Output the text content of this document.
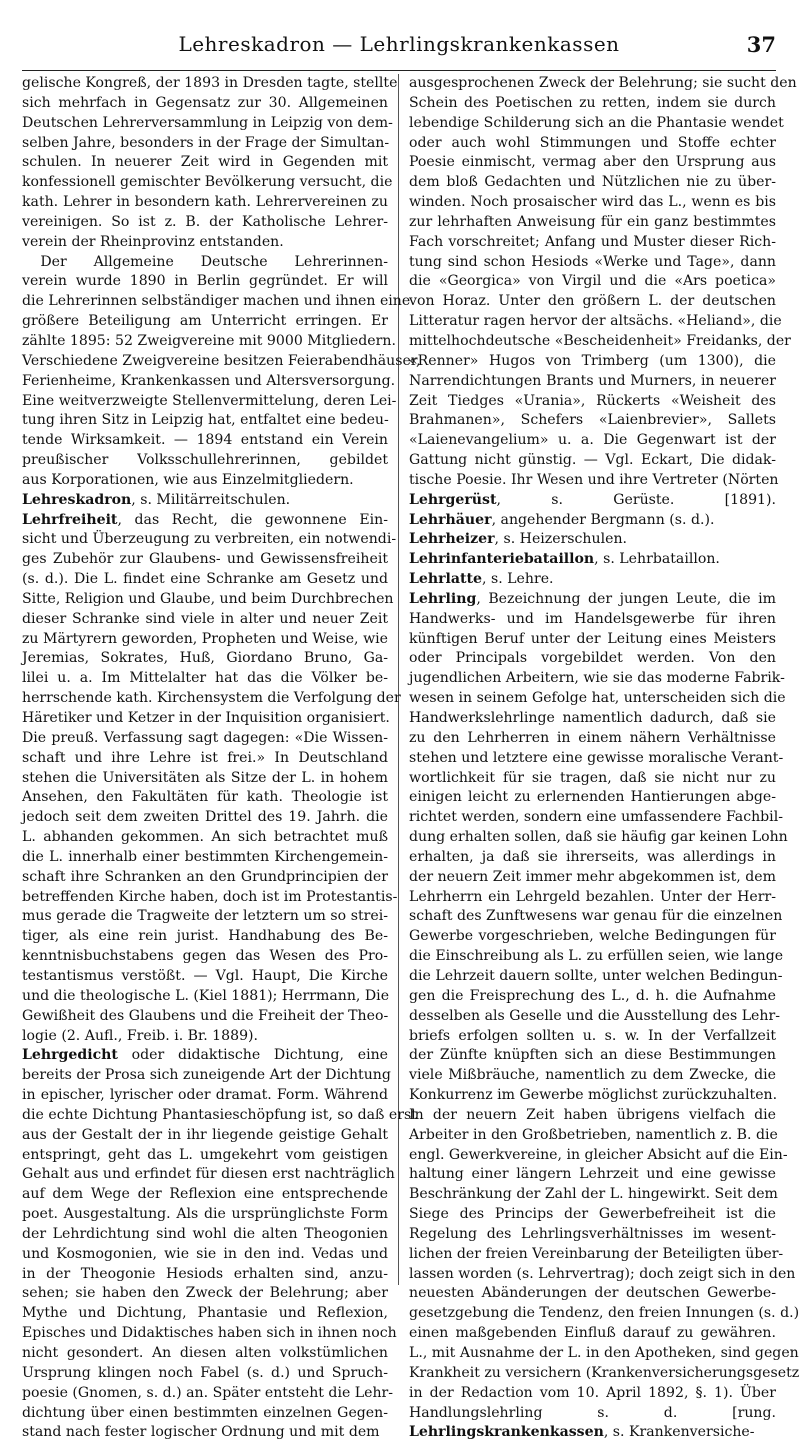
Lehreskadron — Lehrlingskrankenkassen	37
gelische Kongreß, der 1893 in Dresden tagte, stellte
sich mehrfach in Gegensatz zur 30. Allgemeinen
Deutschen Lehrerversammlung in Leipzig von dem-
selben Jahre, besonders in der Frage der Simultan-
schulen. In neuerer Zeit wird in Gegenden mit
konfessionell gemischter Bevölkerung versucht, die
kath. Lehrer in besondern kath. Lehrervereinen zu
vereinigen. So ist z. B. der Katholische Lehrer-
verein der Rheinprovinz entstanden.
Der Allgemeine Deutsche Lehrerinnen-
verein wurde 1890 in Berlin gegründet. Er will
die Lehrerinnen selbständiger machen und ihnen eine
größere Beteiligung am Unterricht erringen. Er
zählte 1895: 52 Zweigvereine mit 9000 Mitgliedern.
Verschiedene Zweigvereine besitzen Feierabendhäuser,
Ferienheime, Krankenkassen und Altersversorgung.
Eine weitverzweigte Stellenvermittelung, deren Lei-
tung ihren Sitz in Leipzig hat, entfaltet eine bedeu-
tende Wirksamkeit. — 1894 entstand ein Verein
preußischer Volksschullehrerinnen, gebildet
aus Korporationen, wie aus Einzelmitgliedern.
Lehreskadron, s. Militärreitschulen.
Lehrfreiheit, das Recht, die gewonnene Ein-
sicht und Überzeugung zu verbreiten, ein notwendi-
ges Zubehör zur Glaubens- und Gewissensfreiheit
(s. d.). Die L. findet eine Schranke am Gesetz und
Sitte, Religion und Glaube, und beim Durchbrechen
dieser Schranke sind viele in alter und neuer Zeit
zu Märtyrern geworden, Propheten und Weise, wie
Jeremias, Sokrates, Huß, Giordano Bruno, Ga-
lilei u. a. Im Mittelalter hat das die Völker be-
herrschende kath. Kirchensystem die Verfolgung der
Häretiker und Ketzer in der Inquisition organisiert.
Die preuß. Verfassung sagt dagegen: «Die Wissen-
schaft und ihre Lehre ist frei.» In Deutschland
stehen die Universitäten als Sitze der L. in hohem
Ansehen, den Fakultäten für kath. Theologie ist
jedoch seit dem zweiten Drittel des 19. Jahrh. die
L. abhanden gekommen. An sich betrachtet muß
die L. innerhalb einer bestimmten Kirchengemein-
schaft ihre Schranken an den Grundprincipien der
betreffenden Kirche haben, doch ist im Protestantis-
mus gerade die Tragweite der letztern um so strei-
tiger, als eine rein jurist. Handhabung des Be-
kenntnisbuchstabens gegen das Wesen des Pro-
testantismus verstößt. — Vgl. Haupt, Die Kirche
und die theologische L. (Kiel 1881); Herrmann, Die
Gewißheit des Glaubens und die Freiheit der Theo-
logie (2. Aufl., Freib. i. Br. 1889).
Lehrgedicht oder didaktische Dichtung, eine
bereits der Prosa sich zuneigende Art der Dichtung
in epischer, lyrischer oder dramat. Form. Während
die echte Dichtung Phantasieschöpfung ist, so daß erst
aus der Gestalt der in ihr liegende geistige Gehalt
entspringt, geht das L. umgekehrt vom geistigen
Gehalt aus und erfindet für diesen erst nachträglich
auf dem Wege der Reflexion eine entsprechende
poet. Ausgestaltung. Als die ursprünglichste Form
der Lehrdichtung sind wohl die alten Theogonien
und Kosmogonien, wie sie in den ind. Vedas und
in der Theogonie Hesiods erhalten sind, anzu-
sehen; sie haben den Zweck der Belehrung; aber
Mythe und Dichtung, Phantasie und Reflexion,
Episches und Didaktisches haben sich in ihnen noch
nicht gesondert. An diesen alten volkstümlichen
Ursprung klingen noch Fabel (s. d.) und Spruch-
poesie (Gnomen, s. d.) an. Später entsteht die Lehr-
dichtung über einen bestimmten einzelnen Gegen-
stand nach fester logischer Ordnung und mit dem
ausgesprochenen Zweck der Belehrung; sie sucht den
Schein des Poetischen zu retten, indem sie durch
lebendige Schilderung sich an die Phantasie wendet
oder auch wohl Stimmungen und Stoffe echter
Poesie einmischt, vermag aber den Ursprung aus
dem bloß Gedachten und Nützlichen nie zu über-
winden. Noch prosaischer wird das L., wenn es bis
zur lehrhaften Anweisung für ein ganz bestimmtes
Fach vorschreitet; Anfang und Muster dieser Rich-
tung sind schon Hesiods «Werke und Tage», dann
die «Georgica» von Virgil und die «Ars poetica»
von Horaz. Unter den größern L. der deutschen
Litteratur ragen hervor der altsächs. «Heliand», die
mittelhochdeutsche «Bescheidenheit» Freidanks, der
«Renner» Hugos von Trimberg (um 1300), die
Narrendichtungen Brants und Murners, in neuerer
Zeit Tiedges «Urania», Rückerts «Weisheit des
Brahmanen», Schefers «Laienbrevier», Sallets
«Laienevangelium» u. a. Die Gegenwart ist der
Gattung nicht günstig. — Vgl. Eckart, Die didak-
tische Poesie. Ihr Wesen und ihre Vertreter (Nörten
Lehrgerüst, s. Gerüste. [1891).
Lehrhäuer, angehender Bergmann (s. d.).
Lehrheizer, s. Heizerschulen.
Lehrinfanteriebataillon, s. Lehrbataillon.
Lehrlatte, s. Lehre.
Lehrling, Bezeichnung der jungen Leute, die im
Handwerks- und im Handelsgewerbe für ihren
künftigen Beruf unter der Leitung eines Meisters
oder Principals vorgebildet werden. Von den
jugendlichen Arbeitern, wie sie das moderne Fabrik-
wesen in seinem Gefolge hat, unterscheiden sich die
Handwerkslehrlinge namentlich dadurch, daß sie
zu den Lehrherren in einem nähern Verhältnisse
stehen und letztere eine gewisse moralische Verant-
wortlichkeit für sie tragen, daß sie nicht nur zu
einigen leicht zu erlernenden Hantierungen abge-
richtet werden, sondern eine umfassendere Fachbil-
dung erhalten sollen, daß sie häufig gar keinen Lohn
erhalten, ja daß sie ihrerseits, was allerdings in
der neuern Zeit immer mehr abgekommen ist, dem
Lehrherrn ein Lehrgeld bezahlen. Unter der Herr-
schaft des Zunftwesens war genau für die einzelnen
Gewerbe vorgeschrieben, welche Bedingungen für
die Einschreibung als L. zu erfüllen seien, wie lange
die Lehrzeit dauern sollte, unter welchen Bedingun-
gen die Freisprechung des L., d. h. die Aufnahme
desselben als Geselle und die Ausstellung des Lehr-
briefs erfolgen sollten u. s. w. In der Verfallzeit
der Zünfte knüpften sich an diese Bestimmungen
viele Mißbräuche, namentlich zu dem Zwecke, die
Konkurrenz im Gewerbe möglichst zurückzuhalten.
In der neuern Zeit haben übrigens vielfach die
Arbeiter in den Großbetrieben, namentlich z. B. die
engl. Gewerkvereine, in gleicher Absicht auf die Ein-
haltung einer längern Lehrzeit und eine gewisse
Beschränkung der Zahl der L. hingewirkt. Seit dem
Siege des Princips der Gewerbefreiheit ist die
Regelung des Lehrlingsverhältnisses im wesent-
lichen der freien Vereinbarung der Beteiligten über-
lassen worden (s. Lehrvertrag); doch zeigt sich in den
neuesten Abänderungen der deutschen Gewerbe-
gesetzgebung die Tendenz, den freien Innungen (s. d.)
einen maßgebenden Einfluß darauf zu gewähren.
L., mit Ausnahme der L. in den Apotheken, sind gegen
Krankheit zu versichern (Krankenversicherungsgesetz
in der Redaction vom 10. April 1892, §. 1). Über
Handlungslehrling s. d. [rung.
Lehrlingskrankenkassen, s. Krankenversiche-
